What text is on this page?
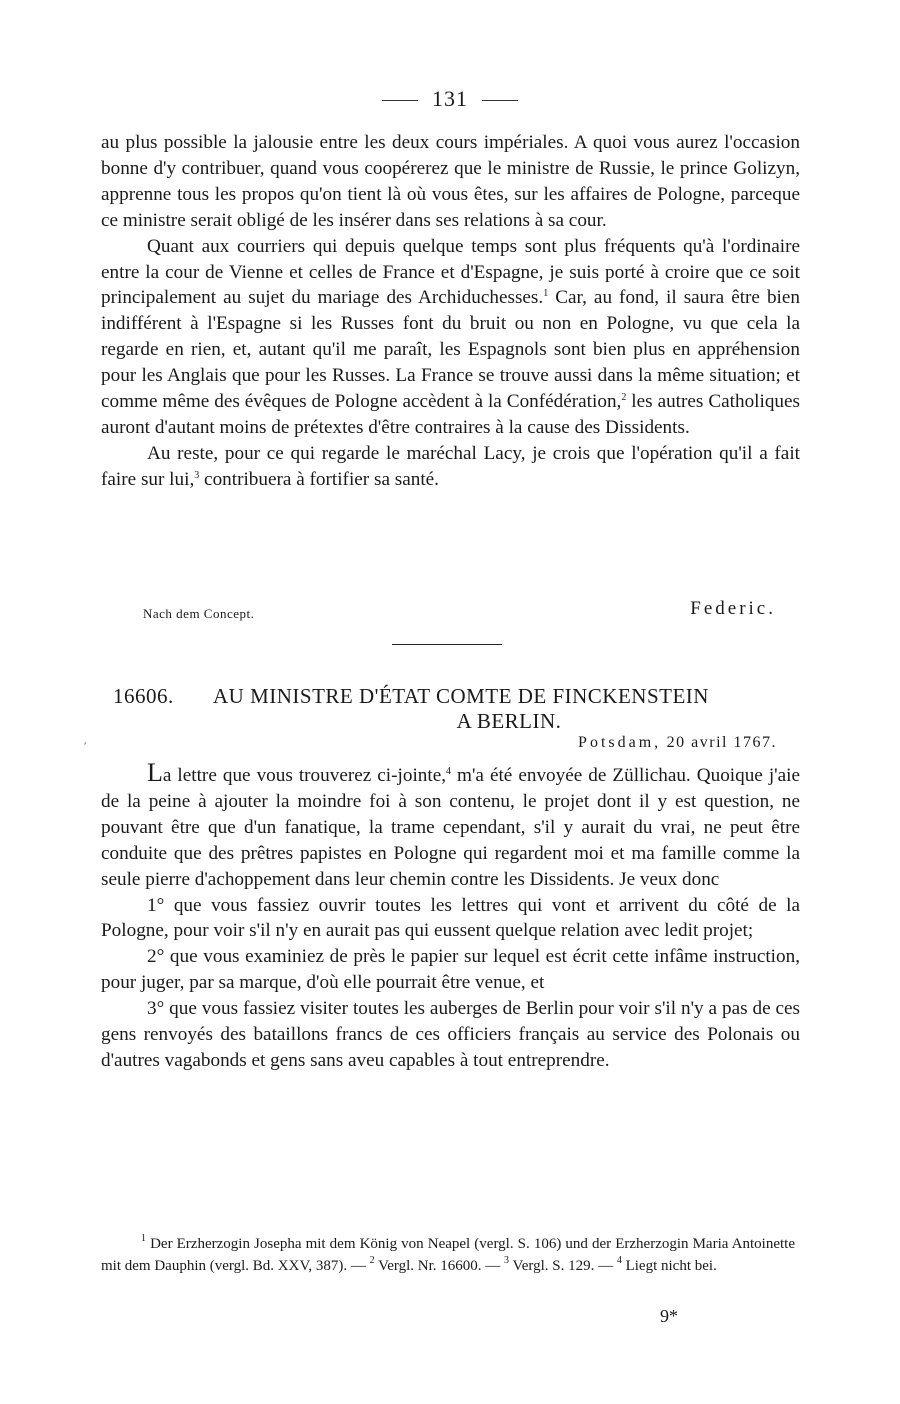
131

au plus possible la jalousie entre les deux cours impériales. A quoi vous aurez l'occasion bonne d'y contribuer, quand vous coopérerez que le ministre de Russie, le prince Golizyn, apprenne tous les propos qu'on tient là où vous êtes, sur les affaires de Pologne, parceque ce ministre serait obligé de les insérer dans ses relations à sa cour.

Quant aux courriers qui depuis quelque temps sont plus fréquents qu'à l'ordinaire entre la cour de Vienne et celles de France et d'Espagne, je suis porté à croire que ce soit principalement au sujet du mariage des Archiduchesses.$^1$ Car, au fond, il saura être bien indifférent à l'Espagne si les Russes font du bruit ou non en Pologne, vu que cela la regarde en rien, et, autant qu'il me paraît, les Espagnols sont bien plus en appréhension pour les Anglais que pour les Russes. La France se trouve aussi dans la même situation; et comme même des évêques de Pologne accèdent à la Confédération,$^2$ les autres Catholiques auront d'autant moins de prétextes d'être contraires à la cause des Dissidents.

Au reste, pour ce qui regarde le maréchal Lacy, je crois que l'opération qu'il a fait faire sur lui,$^3$ contribuera à fortifier sa santé.

Nach dem Concept.	Federic.
16606.	AU MINISTRE D'ÉTAT COMTE DE FINCKENSTEIN
A BERLIN.
⸴	Potsdam, 20 avril 1767.

La lettre que vous trouverez ci-jointe,$^4$ m'a été envoyée de Züllichau. Quoique j'aie de la peine à ajouter la moindre foi à son contenu, le projet dont il y est question, ne pouvant être que d'un fanatique, la trame cependant, s'il y aurait du vrai, ne peut être conduite que des prêtres papistes en Pologne qui regardent moi et ma famille comme la seule pierre d'achoppement dans leur chemin contre les Dissidents. Je veux donc

1° que vous fassiez ouvrir toutes les lettres qui vont et arrivent du côté de la Pologne, pour voir s'il n'y en aurait pas qui eussent quelque relation avec ledit projet;

2° que vous examiniez de près le papier sur lequel est écrit cette infâme instruction, pour juger, par sa marque, d'où elle pourrait être venue, et

3° que vous fassiez visiter toutes les auberges de Berlin pour voir s'il n'y a pas de ces gens renvoyés des bataillons francs de ces officiers français au service des Polonais ou d'autres vagabonds et gens sans aveu capables à tout entreprendre.

$^1$ Der Erzherzogin Josepha mit dem König von Neapel (vergl. S. 106) und der Erzherzogin Maria Antoinette mit dem Dauphin (vergl. Bd. XXV, 387). — $^2$ Vergl. Nr. 16600. — $^3$ Vergl. S. 129. — $^4$ Liegt nicht bei.

9*
